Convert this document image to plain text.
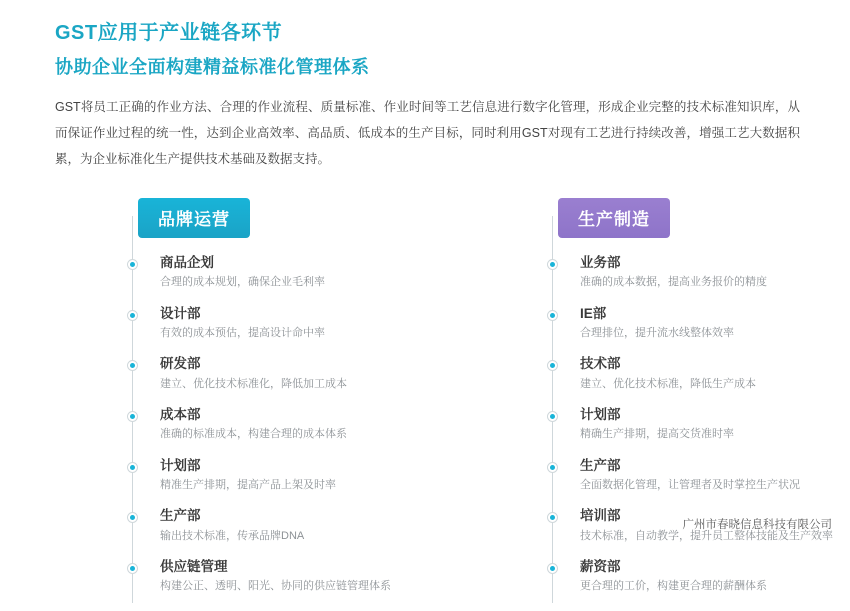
GST应用于产业链各环节
协助企业全面构建精益标准化管理体系
GST将员工正确的作业方法、合理的作业流程、质量标准、作业时间等工艺信息进行数字化管理，形成企业完整的技术标准知识库，从而保证作业过程的统一性，达到企业高效率、高品质、低成本的生产目标，同时利用GST对现有工艺进行持续改善，增强工艺大数据积累，为企业标准化生产提供技术基础及数据支持。
品牌运营
商品企划
合理的成本规划，确保企业毛利率
设计部
有效的成本预估，提高设计命中率
研发部
建立、优化技术标准化，降低加工成本
成本部
准确的标准成本，构建合理的成本体系
计划部
精准生产排期，提高产品上架及时率
生产部
输出技术标准，传承品牌DNA
供应链管理
构建公正、透明、阳光、协同的供应链管理体系
生产制造
业务部
准确的成本数据，提高业务报价的精度
IE部
合理排位，提升流水线整体效率
技术部
建立、优化技术标准，降低生产成本
计划部
精确生产排期，提高交货准时率
生产部
全面数据化管理，让管理者及时掌控生产状况
培训部
技术标准，自动教学，提升员工整体技能及生产效率
薪资部
更合理的工价，构建更合理的薪酬体系
广州市春晓信息科技有限公司
